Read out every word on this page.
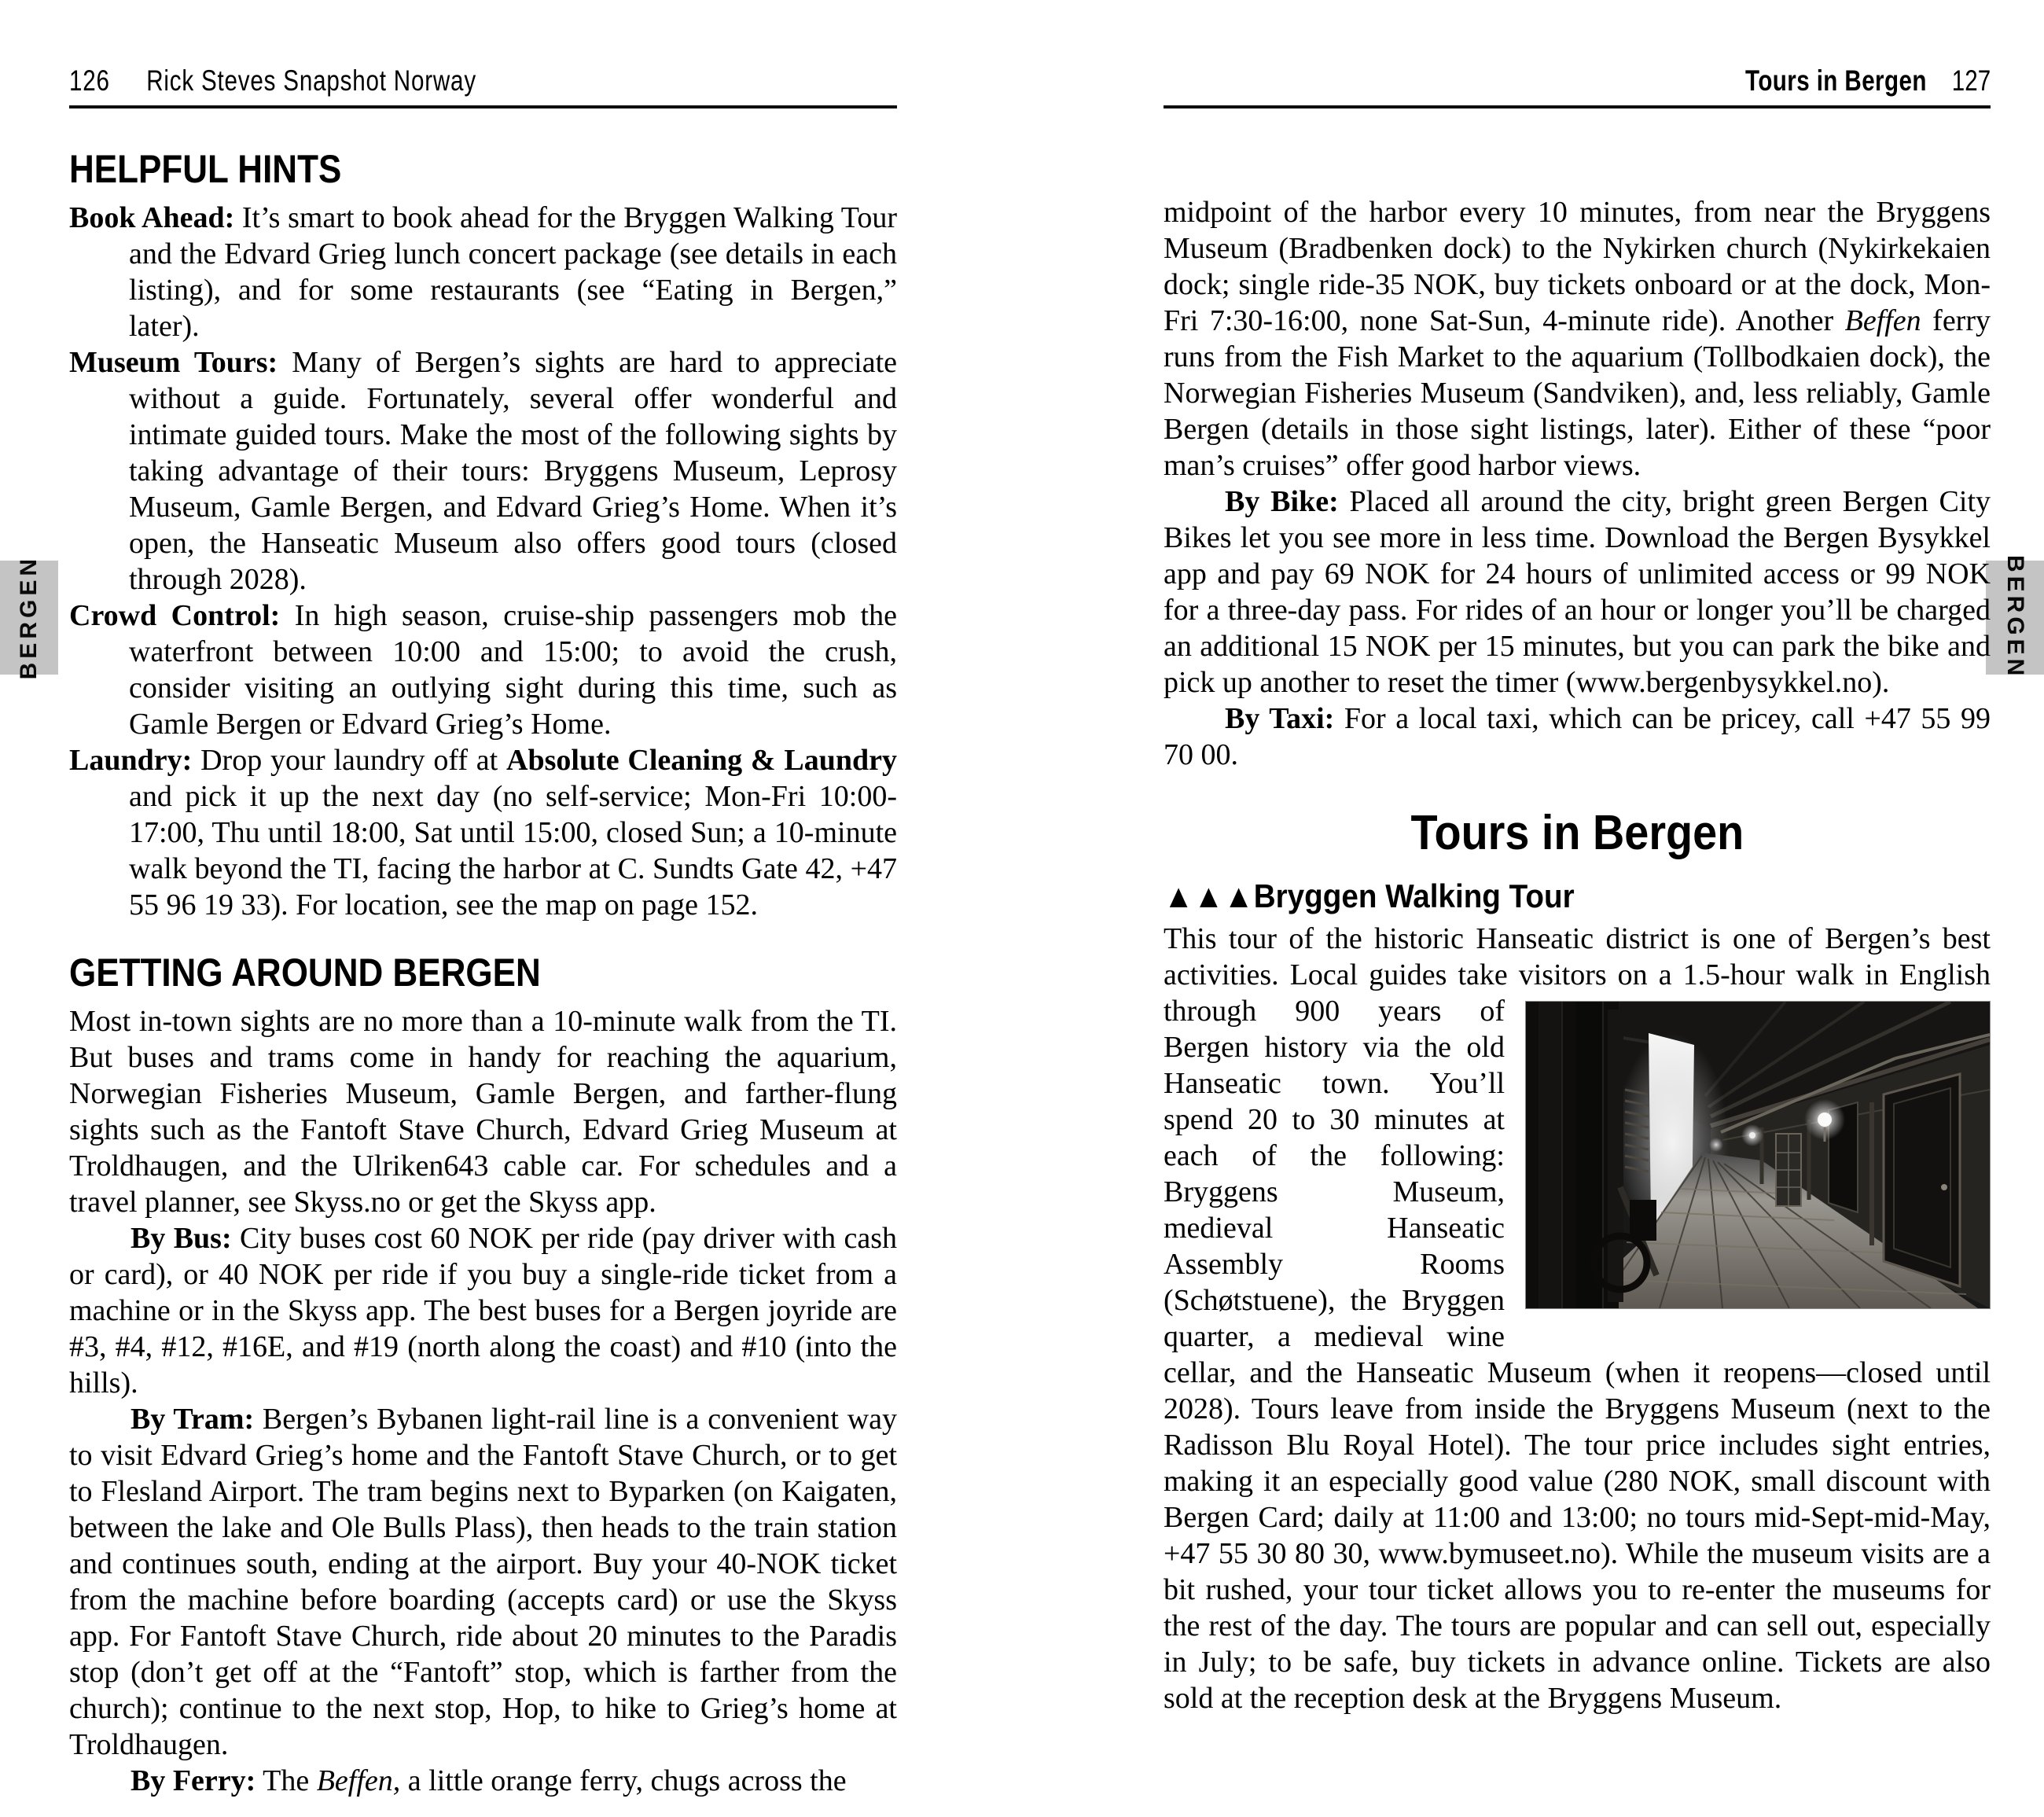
126 Rick Steves Snapshot Norway	Tours in Bergen 127
BERGEN	BERGEN
HELPFUL HINTS

Book Ahead: It’s smart to book ahead for the Bryggen Walking Tour and the Edvard Grieg lunch concert package (see details in each listing), and for some restaurants (see “Eating in Bergen,” later).

Museum Tours: Many of Bergen’s sights are hard to appreciate without a guide. Fortunately, several offer wonderful and intimate guided tours. Make the most of the following sights by taking advantage of their tours: Bryggens Museum, Leprosy Museum, Gamle Bergen, and Edvard Grieg’s Home. When it’s open, the Hanseatic Museum also offers good tours (closed through 2028).

Crowd Control: In high season, cruise-ship passengers mob the waterfront between 10:00 and 15:00; to avoid the crush, consider visiting an outlying sight during this time, such as Gamle Bergen or Edvard Grieg’s Home.

Laundry: Drop your laundry off at Absolute Cleaning & Laundry and pick it up the next day (no self-service; Mon-Fri 10:00-17:00, Thu until 18:00, Sat until 15:00, closed Sun; a 10-minute walk beyond the TI, facing the harbor at C. Sundts Gate 42, +47 55 96 19 33). For location, see the map on page 152.

GETTING AROUND BERGEN

Most in-town sights are no more than a 10-minute walk from the TI. But buses and trams come in handy for reaching the aquarium, Norwegian Fisheries Museum, Gamle Bergen, and farther-flung sights such as the Fantoft Stave Church, Edvard Grieg Museum at Troldhaugen, and the Ulriken643 cable car. For schedules and a travel planner, see Skyss.no or get the Skyss app.

By Bus: City buses cost 60 NOK per ride (pay driver with cash or card), or 40 NOK per ride if you buy a single-ride ticket from a machine or in the Skyss app. The best buses for a Bergen joyride are #3, #4, #12, #16E, and #19 (north along the coast) and #10 (into the hills).

By Tram: Bergen’s Bybanen light-rail line is a convenient way to visit Edvard Grieg’s home and the Fantoft Stave Church, or to get to Flesland Airport. The tram begins next to Byparken (on Kaigaten, between the lake and Ole Bulls Plass), then heads to the train station and continues south, ending at the airport. Buy your 40-NOK ticket from the machine before boarding (accepts card) or use the Skyss app. For Fantoft Stave Church, ride about 20 minutes to the Paradis stop (don’t get off at the “Fantoft” stop, which is farther from the church); continue to the next stop, Hop, to hike to Grieg’s home at Troldhaugen.

By Ferry: The Beffen, a little orange ferry, chugs across the

midpoint of the harbor every 10 minutes, from near the Bryggens Museum (Bradbenken dock) to the Nykirken church (Nykirkekaien dock; single ride-35 NOK, buy tickets onboard or at the dock, Mon-Fri 7:30-16:00, none Sat-Sun, 4-minute ride). Another Beffen ferry runs from the Fish Market to the aquarium (Tollbodkaien dock), the Norwegian Fisheries Museum (Sandviken), and, less reliably, Gamle Bergen (details in those sight listings, later). Either of these “poor man’s cruises” offer good harbor views.

By Bike: Placed all around the city, bright green Bergen City Bikes let you see more in less time. Download the Bergen Bysykkel app and pay 69 NOK for 24 hours of unlimited access or 99 NOK for a three-day pass. For rides of an hour or longer you’ll be charged an additional 15 NOK per 15 minutes, but you can park the bike and pick up another to reset the timer (www.bergenbysykkel.no).

By Taxi: For a local taxi, which can be pricey, call +47 55 99 70 00.

Tours in Bergen
▲▲▲Bryggen Walking Tour

This tour of the historic Hanseatic district is one of Bergen’s best activities. Local guides take visitors on a 1.5-hour walk in
English through 900 years of Bergen history via the old Hanseatic town. You’ll spend 20 to 30 minutes at each of the following: Bryggens Museum, medieval Hanseatic Assembly Rooms (Schøtstuene), the Bryggen quarter, a medieval wine cellar, and the Hanseatic Museum (when it reopens—closed until 2028). Tours leave from inside the Bryggens Museum (next to the Radisson Blu Royal Hotel). The tour price includes sight entries, making it an especially good value (280 NOK, small discount with Bergen Card; daily at 11:00 and 13:00; no tours mid-Sept-mid-May, +47 55 30 80 30, www.bymuseet.no). While the museum visits are a bit rushed, your tour ticket allows you to re-enter the museums for the rest of the day. The tours are popular and can sell out, especially in July; to be safe, buy tickets in advance online. Tickets are also sold at the reception desk at the Bryggens Museum.
